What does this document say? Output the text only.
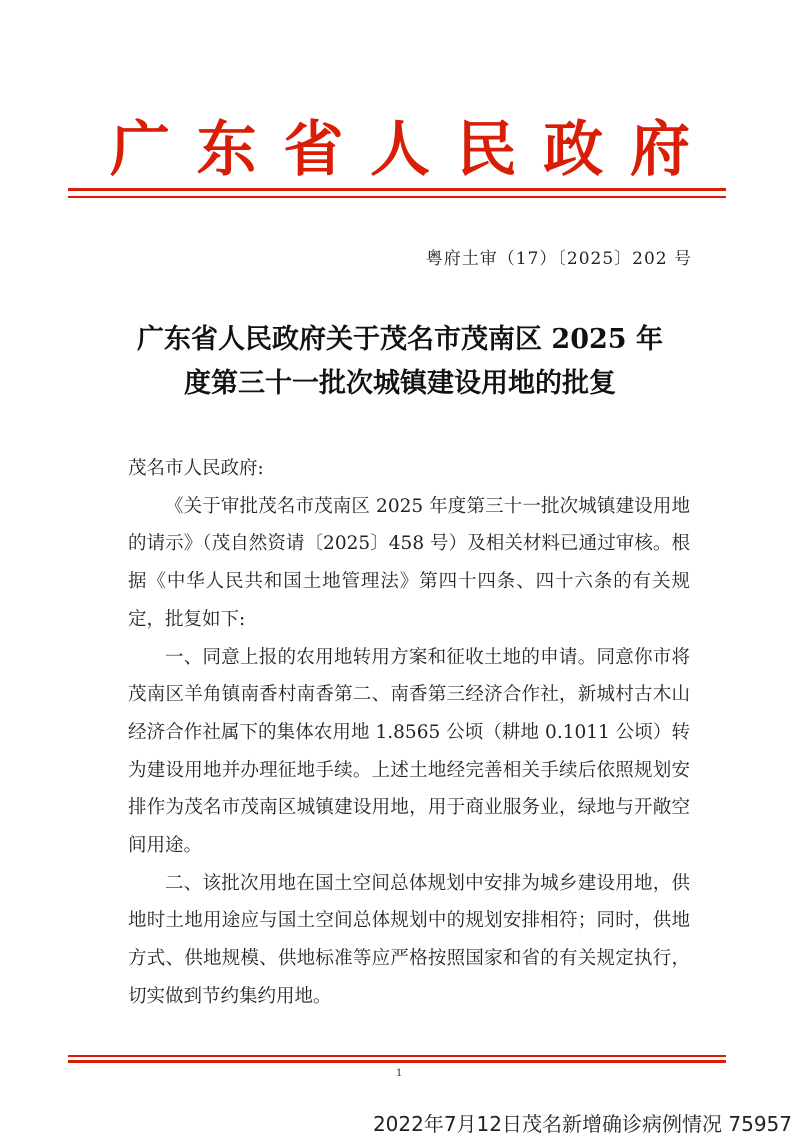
广 东 省 人 民 政 府
粤府土审（17）〔2025〕202 号
广东省人民政府关于茂名市茂南区 2025 年
度第三十一批次城镇建设用地的批复

茂名市人民政府:

《关于审批茂名市茂南区 2025 年度第三十一批次城镇建设用地的请示》（茂自然资请〔2025〕458 号）及相关材料已通过审核。根据《中华人民共和国土地管理法》第四十四条、四十六条的有关规定，批复如下:

一、同意上报的农用地转用方案和征收土地的申请。同意你市将茂南区羊角镇南香村南香第二、南香第三经济合作社，新城村古木山经济合作社属下的集体农用地 1.8565 公顷（耕地 0.1011 公顷）转为建设用地并办理征地手续。上述土地经完善相关手续后依照规划安排作为茂名市茂南区城镇建设用地，用于商业服务业，绿地与开敞空间用途。

二、该批次用地在国土空间总体规划中安排为城乡建设用地，供地时土地用途应与国土空间总体规划中的规划安排相符；同时，供地方式、供地规模、供地标准等应严格按照国家和省的有关规定执行，切实做到节约集约用地。

1
2022年7月12日茂名新增确诊病例情况 75957
